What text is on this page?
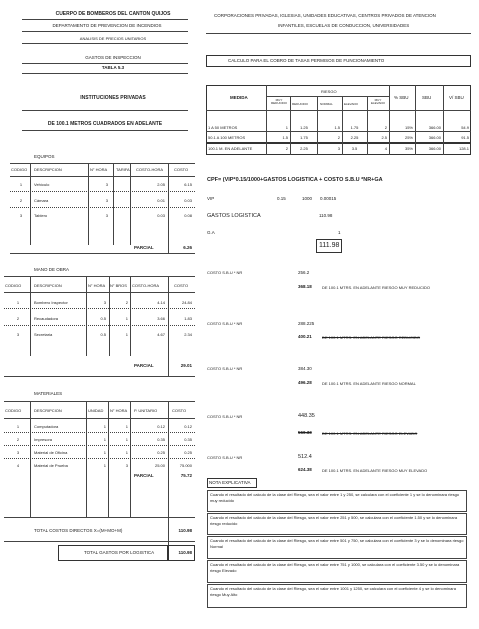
CUERPO DE BOMBEROS DEL CANTON QUIJOS
DEPARTAMENTO DE PREVENCION DE INCENDIOS
ANALISIS DE PRECIOS UNITARIOS
GASTOS DE INSPECCION
TABLA 5.3
INSTITUCIONES PRIVADAS
DE 100.1 METROS CUADRADOS EN ADELANTE
EQUIPOS
CODIGO DESCRIPCION	N° HORA TARIFA COSTO-HORA	COSTO
1	Vehículo	3	2.05	6.15
2	Cámara	3	0.01	0.03
3	Tablero	3	0.03	0.08
PARCIAL	6.26
MANO DE OBRA
CODIGO	DESCRIPCION	N° HORA N° BROS COSTO-HORA	COSTO
1	Bombero Inspector	3	2	4.14	24.84
2	Recaudadora	0.5	1	3.66	1.83
3	Secretaria	0.5	1	4.67	2.34
PARCIAL	29.01
MATERIALES
CODIGO	DESCRIPCION	UNIDAD N° HORA P. UNITARIO	COSTO
1	Computadora	1	1	0.12	0.12
2	Impresora	1	1	0.35	0.35
3	Material de Oficina	1	1	0.25	0.25
4	Material de Prueba	1	3	25.00	75.000
PARCIAL	75.72
TOTAL COSTOS DIRECTOS X=(M+MO+M)	110.98
TOTAL GASTOS POR LOGISTICA	110.98
CORPORACIONES PRIVADAS, IGLESIAS, UNIDADES EDUCATIVAS, CENTROS PRIVADOS DE ATENCION
INFANTILES, ESCUELAS DE CONDUCCION, UNIVERSIDADES
CALCULO PARA EL COBRO DE TASAS PERMISOS DE FUNCIONAMIENTO
MEDIDA
RIESGO
MUY REDUCIDO	REDUCIDO	NORMAL	ELEVADO
MUY ELEVADO
% SBU	SBU	V/ SBU
1 A 50 METROS	1	1.25	1.5	1.75	2	15%	366.00	54.9
50.1 A 100 METROS	1.5	1.75	2	2.25	2.5	25%	366.00	91.5
100.1 M. EN ADELANTE	2	2.25	3	3.5	4	35%	366.00	128.1
CPF= (VIP*0.15/1000+GASTOS LOGISTICA + COSTO S.B.U *NR+GA
VIP	0.15	1000 0.00015
GASTOS LOGISTICA	110.98
G.A	1
111.98
COSTO S.B.U * NR	256.2
368.18	DE 100.1 MTRS. EN ADELANTE RIESGO MUY REDUCIDO
COSTO S.B.U * NR	288.225
400.21	DE 100.1 MTRS. EN ADELANTE RIESGO REDUCIDO
COSTO S.B.U * NR	384.30
496.28	DE 100.1 MTRS. EN ADELANTE RIESGO NORMAL
COSTO S.B.U * NR	448.35
560.33	DE 100.1 MTRS. EN ADELANTE RIESGO ELEVADO
COSTO S.B.U * NR	512.4
624.38	DE 100.1 MTRS. EN ADELANTE RIESGO MUY ELEVADO
NOTA EXPLICATIVA
Cuando el resultado del calculo de la clase del Riesgo, sea el valor entre 1 y 250, se calculara con el coeficiente 1 y se lo denominara riesgo muy reducido
Cuando el resultado del calculo de la clase del Riesgo, sea el valor entre 251 y 500, se calculara con el coeficiente 1.50 y se lo denominara riesgo reducido
Cuando el resultado del calculo de la clase del Riesgo, sea el valor entre 501 y 750, se calculara con el coeficiente 3 y se lo denominara riesgo Normal
Cuando el resultado del calculo de la clase del Riesgo, sea el valor entre 751 y 1000, se calculara con el coeficiente 3.50 y se lo denominara riesgo Elevado
Cuando el resultado del calculo de la clase del Riesgo, sea el valor entre 1001 y 1250, se calculara con el coeficiente 4 y se lo denominara riesgo Muy Alto
